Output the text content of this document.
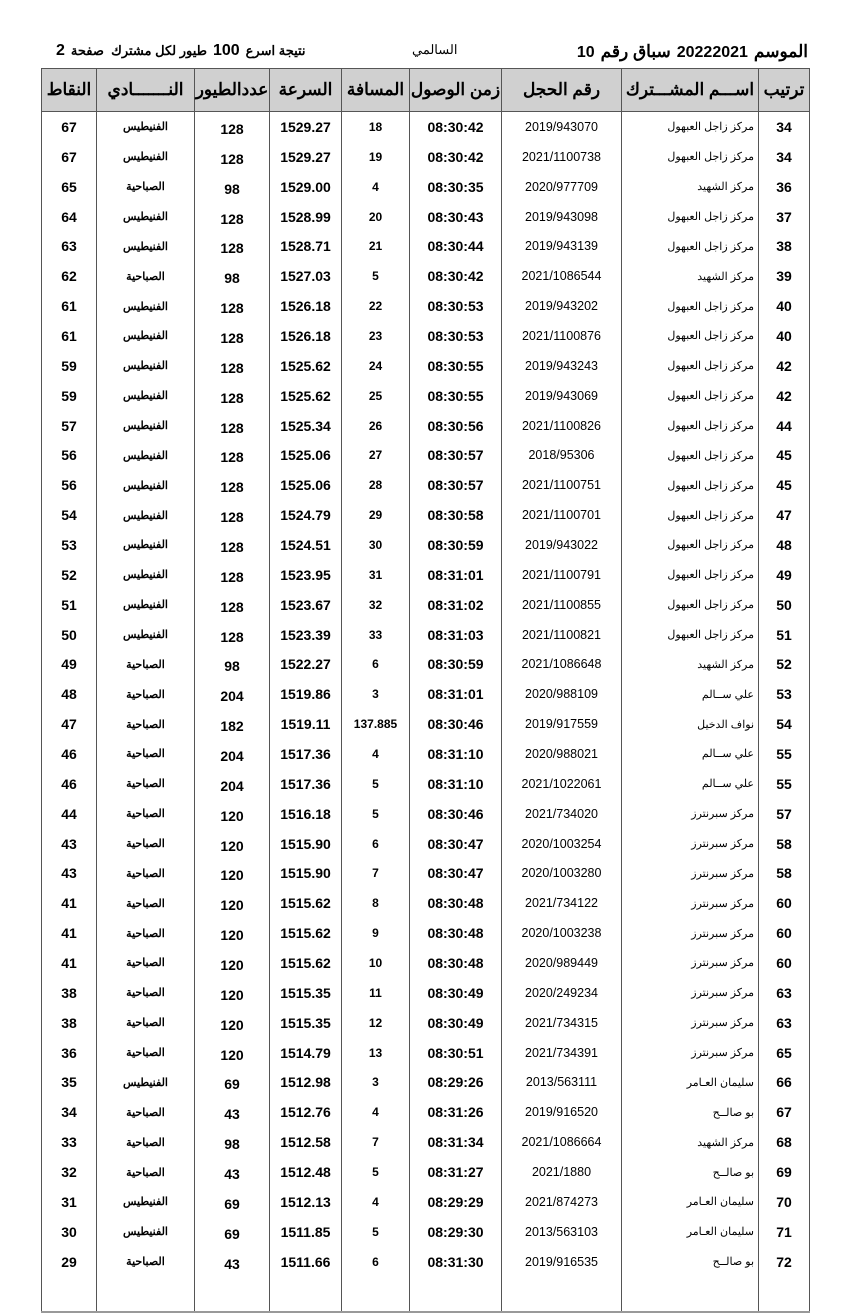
الموسم20222021سباق رقم10
السالمي
نتيجة اسرع100طيور لكل مشترك  صفحة2
ترتيب	اســـم المشـــترك	رقم الحجل	زمن الوصول	المسافة	السرعة	عددالطيور	النـــــــادي	النقاط
34	مركز زاجل العبهول	2019/943070	08:30:42	18	1529.27	128	الفنيطيس	67
34	مركز زاجل العبهول	2021/1100738	08:30:42	19	1529.27	128	الفنيطيس	67
36	مركز الشهيد	2020/977709	08:30:35	4	1529.00	98	الصباحية	65
37	مركز زاجل العبهول	2019/943098	08:30:43	20	1528.99	128	الفنيطيس	64
38	مركز زاجل العبهول	2019/943139	08:30:44	21	1528.71	128	الفنيطيس	63
39	مركز الشهيد	2021/1086544	08:30:42	5	1527.03	98	الصباحية	62
40	مركز زاجل العبهول	2019/943202	08:30:53	22	1526.18	128	الفنيطيس	61
40	مركز زاجل العبهول	2021/1100876	08:30:53	23	1526.18	128	الفنيطيس	61
42	مركز زاجل العبهول	2019/943243	08:30:55	24	1525.62	128	الفنيطيس	59
42	مركز زاجل العبهول	2019/943069	08:30:55	25	1525.62	128	الفنيطيس	59
44	مركز زاجل العبهول	2021/1100826	08:30:56	26	1525.34	128	الفنيطيس	57
45	مركز زاجل العبهول	2018/95306	08:30:57	27	1525.06	128	الفنيطيس	56
45	مركز زاجل العبهول	2021/1100751	08:30:57	28	1525.06	128	الفنيطيس	56
47	مركز زاجل العبهول	2021/1100701	08:30:58	29	1524.79	128	الفنيطيس	54
48	مركز زاجل العبهول	2019/943022	08:30:59	30	1524.51	128	الفنيطيس	53
49	مركز زاجل العبهول	2021/1100791	08:31:01	31	1523.95	128	الفنيطيس	52
50	مركز زاجل العبهول	2021/1100855	08:31:02	32	1523.67	128	الفنيطيس	51
51	مركز زاجل العبهول	2021/1100821	08:31:03	33	1523.39	128	الفنيطيس	50
52	مركز الشهيد	2021/1086648	08:30:59	6	1522.27	98	الصباحية	49
53	علي ســالم	2020/988109	08:31:01	3	1519.86	204	الصباحية	48
54	نواف الدخيل	2019/917559	08:30:46	137.885	1519.11	182	الصباحية	47
55	علي ســالم	2020/988021	08:31:10	4	1517.36	204	الصباحية	46
55	علي ســالم	2021/1022061	08:31:10	5	1517.36	204	الصباحية	46
57	مركز سبرنترز	2021/734020	08:30:46	5	1516.18	120	الصباحية	44
58	مركز سبرنترز	2020/1003254	08:30:47	6	1515.90	120	الصباحية	43
58	مركز سبرنترز	2020/1003280	08:30:47	7	1515.90	120	الصباحية	43
60	مركز سبرنترز	2021/734122	08:30:48	8	1515.62	120	الصباحية	41
60	مركز سبرنترز	2020/1003238	08:30:48	9	1515.62	120	الصباحية	41
60	مركز سبرنترز	2020/989449	08:30:48	10	1515.62	120	الصباحية	41
63	مركز سبرنترز	2020/249234	08:30:49	11	1515.35	120	الصباحية	38
63	مركز سبرنترز	2021/734315	08:30:49	12	1515.35	120	الصباحية	38
65	مركز سبرنترز	2021/734391	08:30:51	13	1514.79	120	الصباحية	36
66	سليمان العـامر	2013/563111	08:29:26	3	1512.98	69	الفنيطيس	35
67	بو صالــح	2019/916520	08:31:26	4	1512.76	43	الصباحية	34
68	مركز الشهيد	2021/1086664	08:31:34	7	1512.58	98	الصباحية	33
69	بو صالــح	2021/1880	08:31:27	5	1512.48	43	الصباحية	32
70	سليمان العـامر	2021/874273	08:29:29	4	1512.13	69	الفنيطيس	31
71	سليمان العـامر	2013/563103	08:29:30	5	1511.85	69	الفنيطيس	30
72	بو صالــح	2019/916535	08:31:30	6	1511.66	43	الصباحية	29
